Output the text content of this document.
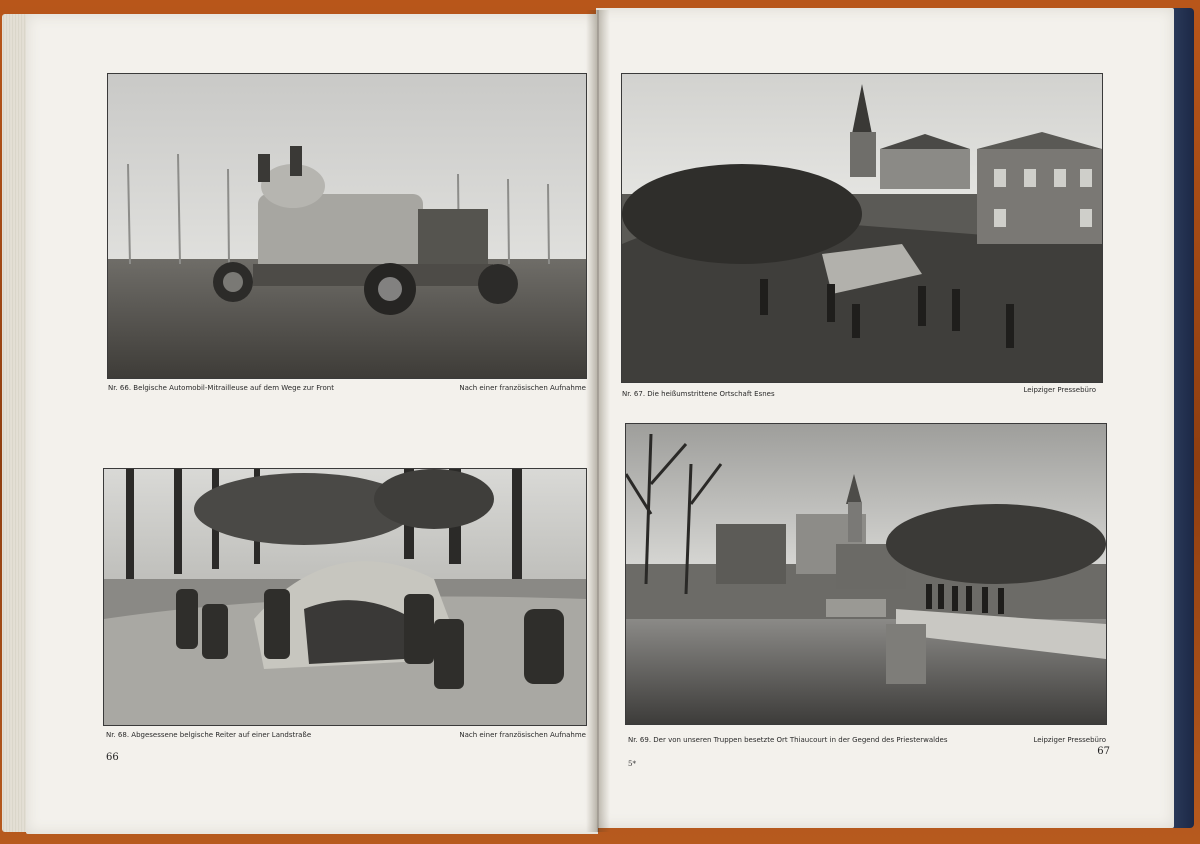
Nr. 66. Belgische Automobil-Mitrailleuse auf dem Wege zur Front	Nach einer französischen Aufnahme
Nr. 68. Abgesessene belgische Reiter auf einer Landstraße	Nach einer französischen Aufnahme
66
Nr. 67. Die heißumstrittene Ortschaft Esnes	Leipziger Pressebüro
Nr. 69. Der von unseren Truppen besetzte Ort Thiaucourt in der Gegend des Priesterwaldes	Leipziger Pressebüro
5*
67
